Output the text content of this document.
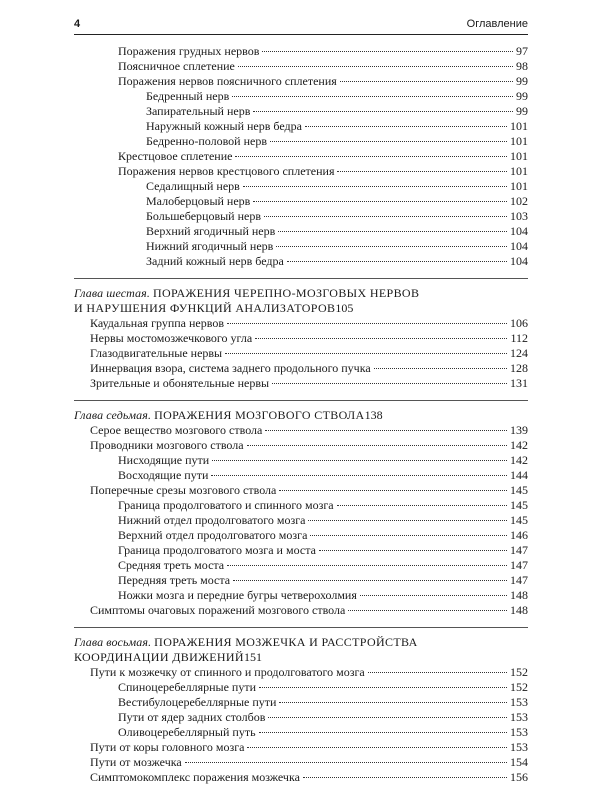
4	Оглавление
Поражения грудных нервов	97
Поясничное сплетение	98
Поражения нервов поясничного сплетения	99
Бедренный нерв	99
Запирательный нерв	99
Наружный кожный нерв бедра	101
Бедренно-половой нерв	101
Крестцовое сплетение	101
Поражения нервов крестцового сплетения	101
Седалищный нерв	101
Малоберцовый нерв	102
Большеберцовый нерв	103
Верхний ягодичный нерв	104
Нижний ягодичный нерв	104
Задний кожный нерв бедра	104
Глава шестая.
ПОРАЖЕНИЯ ЧЕРЕПНО-МОЗГОВЫХ НЕРВОВ
И НАРУШЕНИЯ ФУНКЦИЙ АНАЛИЗАТОРОВ 105
Каудальная группа нервов	106
Нервы мостомозжечкового угла	112
Глазодвигательные нервы	124
Иннервация взора, система заднего продольного пучка	128
Зрительные и обонятельные нервы	131
Глава седьмая.
ПОРАЖЕНИЯ МОЗГОВОГО СТВОЛА 138
Серое вещество мозгового ствола	139
Проводники мозгового ствола	142
Нисходящие пути	142
Восходящие пути	144
Поперечные срезы мозгового ствола	145
Граница продолговатого и спинного мозга	145
Нижний отдел продолговатого мозга	145
Верхний отдел продолговатого мозга	146
Граница продолговатого мозга и моста	147
Средняя треть моста	147
Передняя треть моста	147
Ножки мозга и передние бугры четверохолмия	148
Симптомы очаговых поражений мозгового ствола	148
Глава восьмая.
ПОРАЖЕНИЯ МОЗЖЕЧКА И РАССТРОЙСТВА
КООРДИНАЦИИ ДВИЖЕНИЙ 151
Пути к мозжечку от спинного и продолговатого мозга	152
Спиноцеребеллярные пути	152
Вестибулоцеребеллярные пути	153
Пути от ядер задних столбов	153
Оливоцеребеллярный путь	153
Пути от коры головного мозга	153
Пути от мозжечка	154
Симптомокомплекс поражения мозжечка	156
